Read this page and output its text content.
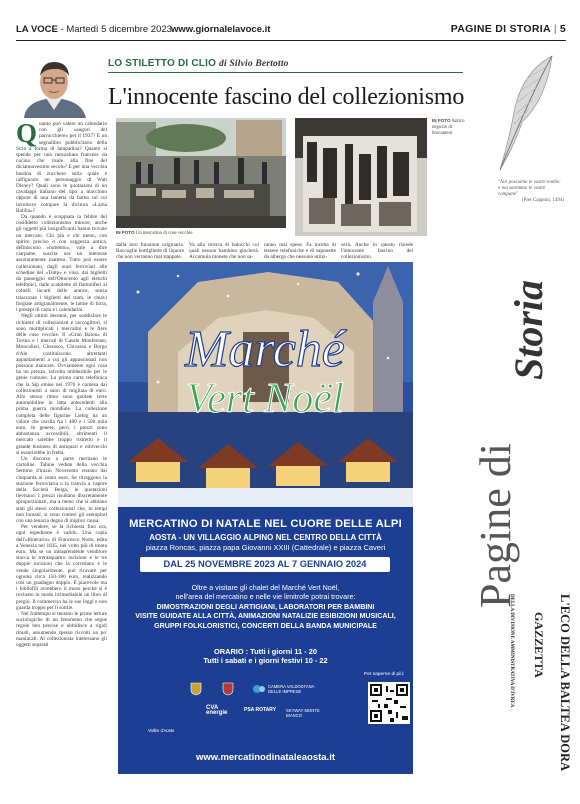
LA VOCE - Martedì 5 dicembre 2023 www.giornalelavoce.it	PAGINE DI STORIA | 5
LO STILETTO DI CLIO di Silvio Bertotto
L'innocente fascino del collezionismo
Q uanto può valere un calendario con gli «auguri del parrucchiere» per il 1937? E un segnalibro pubblicitario della Siria a forma di lampadina? Quanto si spende per una mezzaluna francese da cucina che risale alla fine del diciannovesimo secolo? E per una vecchia bustina di zucchero sulla quale è raffigurato un personaggio di Walt Disney? Quali sono le quotazioni di un cavatappi italiano del tipo a maccinno oppure di una lametta da barba sul cui involucro compare la dicitura «Lama Balilla»?

Da quando è scoppiata la febbre del cosiddetto collezionismo minore, anche gli oggetti più insignificanti hanno trovato un mercato. Chi più e chi meno, con spirito preciso o con saggezza antica, definiscono «rumento», vale a dire ciarpame, suscita ora un interesse assolutamente inatteso. Tutto può essere collezionato, dagli orari ferroviari alle schedine del «Totip» e vino, dai biglietti da passeggio dell'Ottocento agli elenchi telefonici, dalle scatolette di fiammiferi ai coltelli incarti delle arance, senza trascurare i biglietti del tram, le chiavi forgiate artigianalmente, le latine di birra, i presepi di carta e i calendarini.

Negli ultimi decenni, per soddisfare le richieste di collezionisti e raccoglitori, si sono moltiplicati i mercatini e le fiere delle cose vecchie. Il «Gran Balon» di Torino e i mercati di Casale Monferrato, Moncalieri, Cherasco, Chivasso e Borgo d'Ale costituiscono altrettanti appuntamenti a cui gli appassionati non possono mancare. Ovviamente ogni cosa ha un prezzo, talvolta imbheribile per le genie comune. La prima carta telefonica che la Sip emise nel 1976 è contesa dai collezionisti a suon di migliaia di euro. Allo stesso ritmo sono quotate certe automobiline in latta antecedenti alla prima guerra mondiale. La collezione completa delle figurine Liebig ha un valore che oscilla fra i 400 e i 500 mila euro. In genere, però, i prezzi sono abbastanza accessibili, altrimenti il mercato sarebbe troppo ristretto e il grande business di antiquari e robivecchi si esaurirebbe in fretta.

Un discorso a parte meritano le cartoline. Talune vedute della vecchia Settimo d'inizio Novecento restano dai cinquanta ai cento euro. Se ritraggono la stazione ferroviaria o la tranvia a vapore della Società Belga, le quotazioni lievitano. I prezzi risultano discretamente sproporzionati, ma a meno che si abbiano stati gli stessi collezionisti che, in tempi non lontani, si sono contesi gli esemplari con una tenacia degna di miglior causa.

Per vendere, se la richiesta fino ora, ogni espediente è valido. Una copia dell'«Itinerario» di Francesco Nodo, edita a Venezia nel 1835, nel volto più di trenta euro. Ma se un intraprendente venditore stacca le trentaquattro incisioni e le tre doppie incisioni che la corredano e le vende singolarmente, può ricavare per ognuna circa 150-180 euro, realizzando così un guadagno doppio. È piacevole ma i bibliofili avrebbero il muso perché si è rovinato in modo irrimediabile un libro di pregio. Il commercio ha le sue leggi e non guarda troppo per il sottile.

Nel frattempo si tentano le prime letture sociologiche di un fenomeno che segue regole ben precise e ubbidisce a rigidi rituali, assumendo spesso risvolti un po' maniacali. Al collezionista interessano gli oggetti separati

IN FOTO Un mercatino di cose vecchie
IN FOTO Antico negozio di brocanteur

dalla loro funzione originaria. Raccoglie bottigliette di liquore che non verranno mai stappate.

Va alla ricerca di balocchi coi quali nessun bambino giocherà. Accumula monete che non sa-

ranno mai spese. Fa incetta di tessere telefoniche e di saponette da albergo che nessuno utiliz-

zerà. Anche in questo risiede l'innocente fascino del collezionismo.

"Noi possiamo le vostre tombe: e noi saremmo le vostre campane"
(Pier Capponi, 1494)
Pagine di
Storia
L'ECO DELLA BALTEA DORA
GAZZETTA
DELLA DIVISIONE AMMINISTRATIVA D'IVREA
Marché
Vert Noël
MERCATINO DI NATALE NEL CUORE DELLE ALPI
AOSTA - UN VILLAGGIO ALPINO NEL CENTRO DELLA CITTÀ
piazza Roncas, piazza papa Giovanni XXIII (Cattedrale) e piazza Caveri
DAL 25 NOVEMBRE 2023 AL 7 GENNAIO 2024
Oltre a visitare gli chalet del Marché Vert Noël,
nell'area del mercatino e nelle vie limitrofe potrai trovare:
DIMOSTRAZIONI DEGLI ARTIGIANI, LABORATORI PER BAMBINI
VISITE GUIDATE ALLA CITTÀ, ANIMAZIONI NATALIZIE ESIBIZIONI MUSICALI,
GRUPPI FOLKLORISTICI, CONCERTI DELLA BANDA MUNICIPALE
ORARIO : Tutti i giorni 11 - 20
Tutti i sabati e i giorni festivi 10 - 22
CAMERA VALDOSTANA DELLE IMPRESE
CVA energie	PSA ROTARY	SKYWAY MONTE BIANCO
Vallée d'Aoste
Per saperne di più:
www.mercatinodinataleaosta.it
